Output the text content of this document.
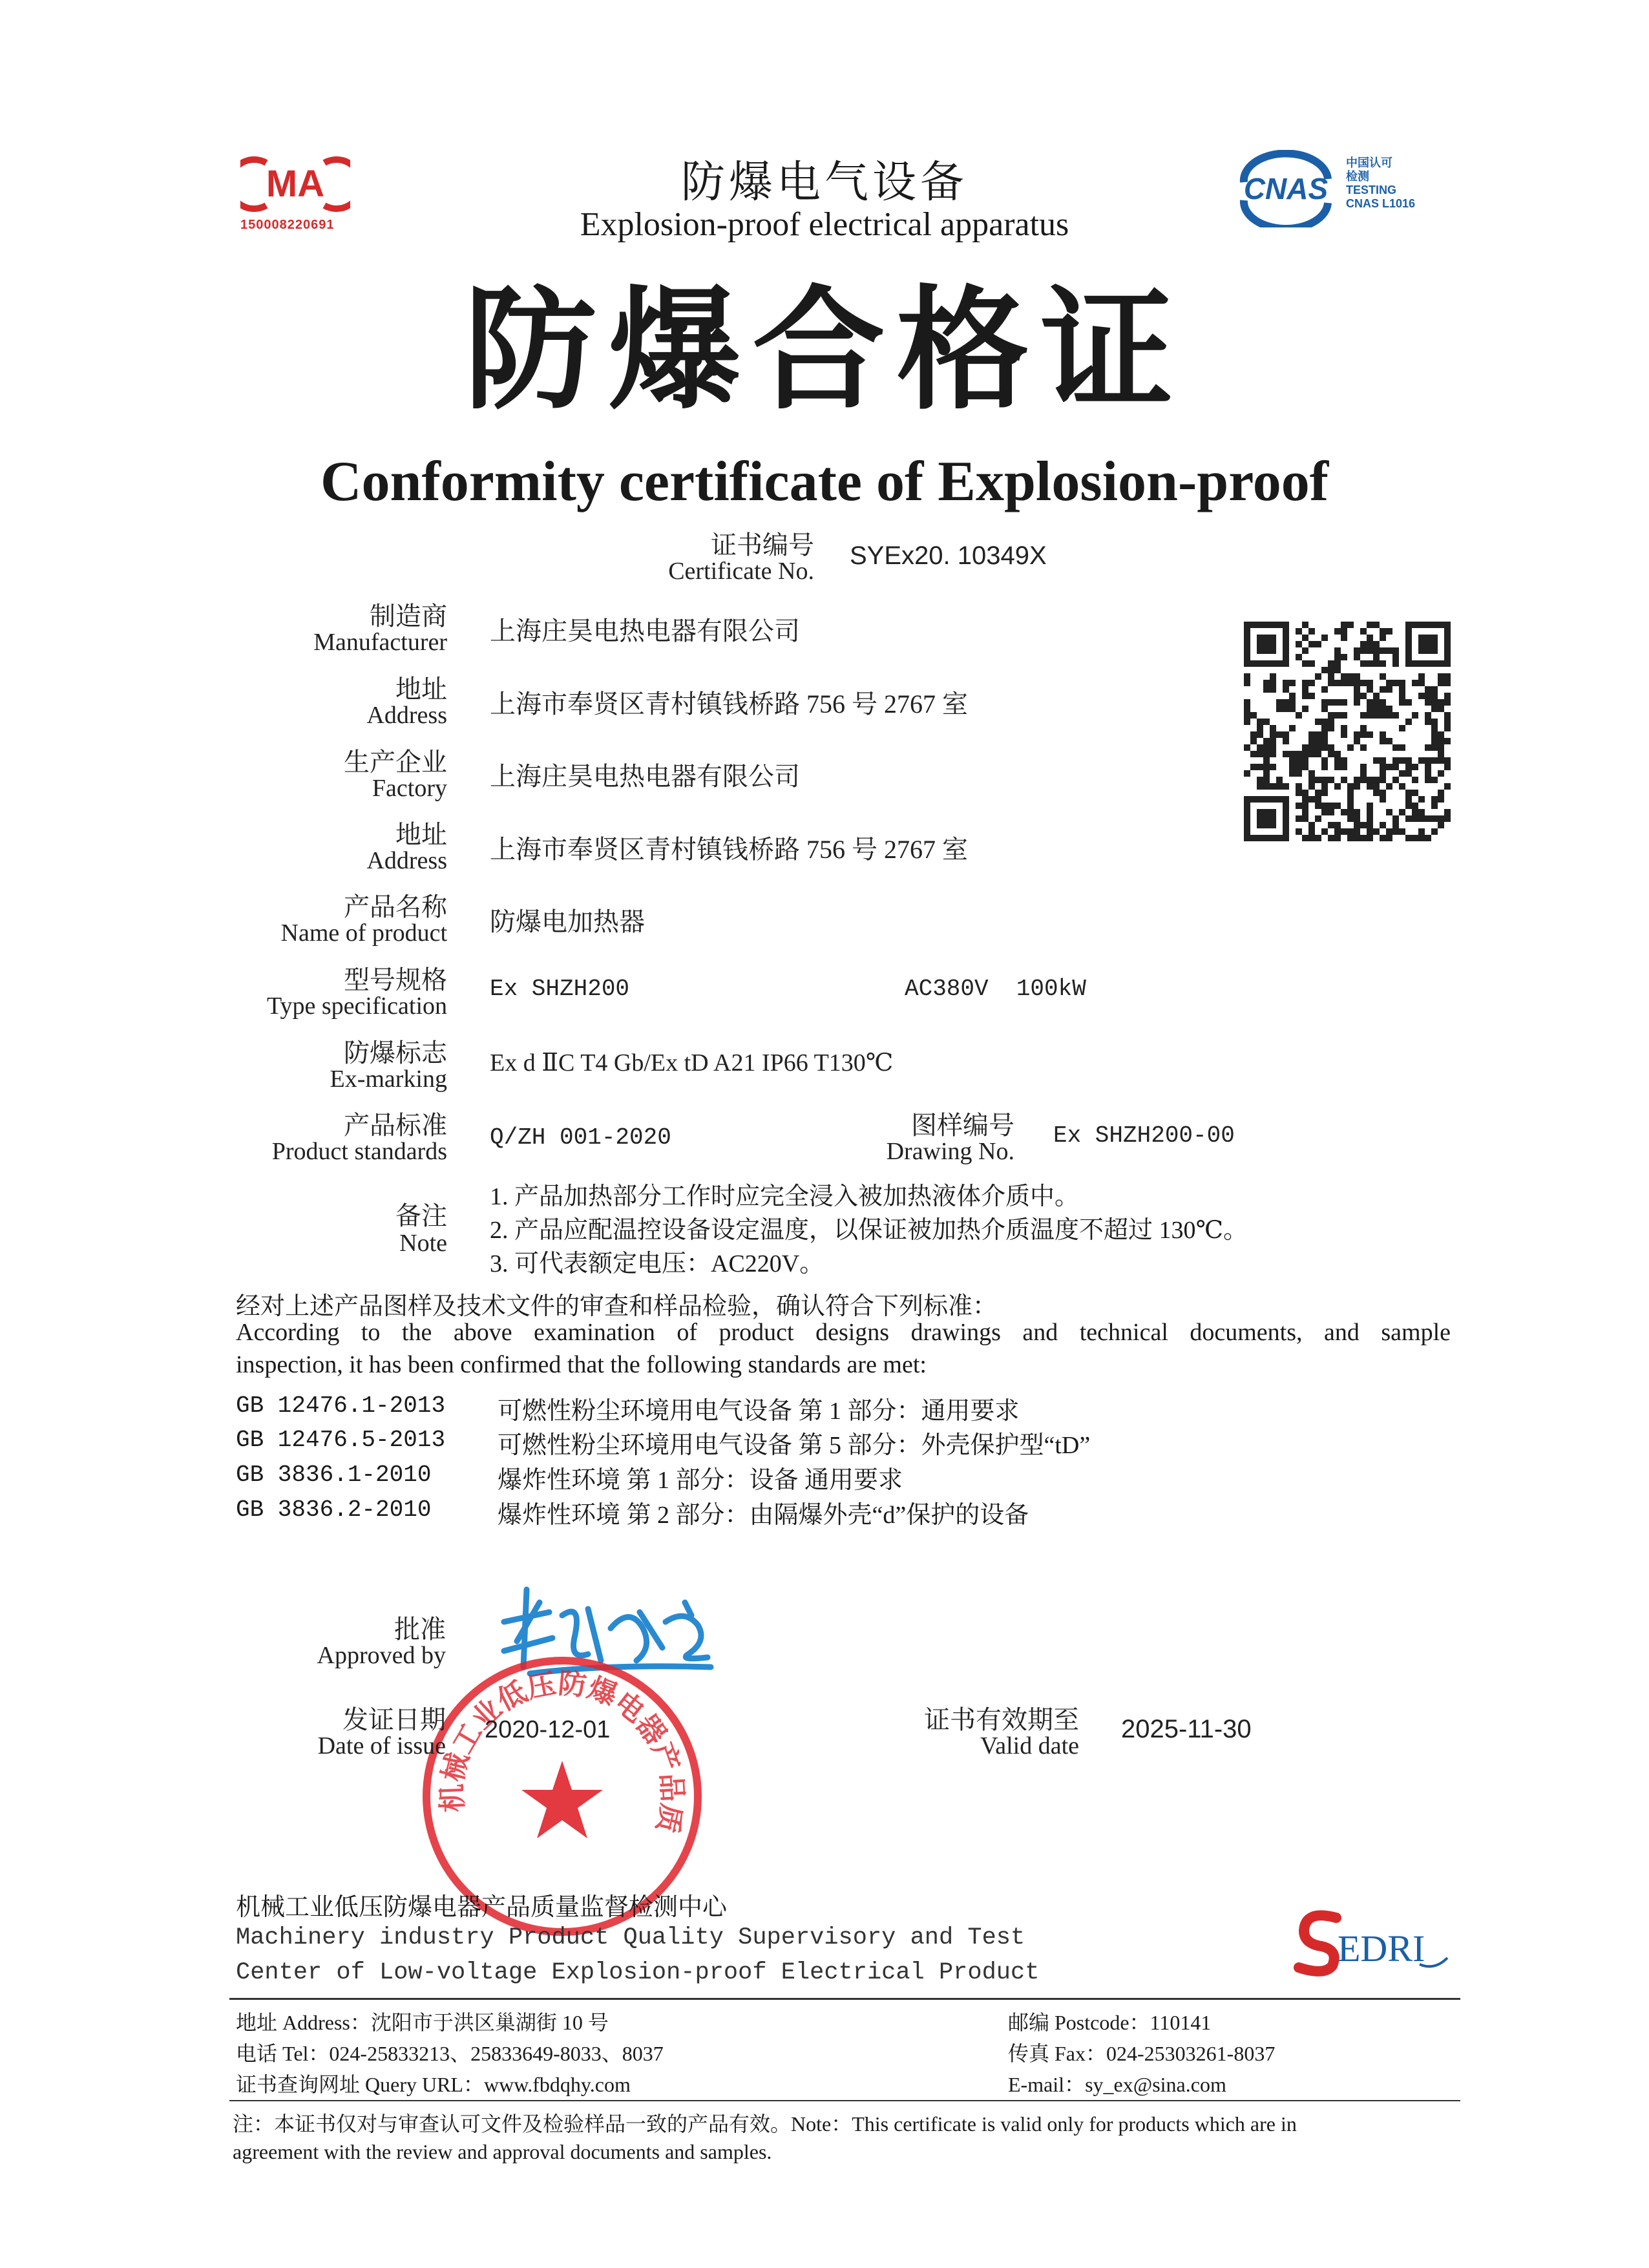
MA
150008220691
CNAS
中国认可
检测
TESTING
CNAS L1016
防爆电气设备
Explosion-proof electrical apparatus
防爆合格证
Conformity certificate of Explosion-proof
证书编号
Certificate No.
SYEx20. 10349X
制造商
Manufacturer 上海庄昊电热电器有限公司
地址
Address 上海市奉贤区青村镇钱桥路 756 号 2767 室
生产企业
Factory 上海庄昊电热电器有限公司
地址
Address 上海市奉贤区青村镇钱桥路 756 号 2767 室
产品名称
Name of product 防爆电加热器
型号规格
Type specification
Ex SHZH200	AC380V  100kW
防爆标志
Ex-marking
Ex d ⅡC T4 Gb/Ex tD A21 IP66 T130℃
产品标准
Product standards
Q/ZH 001-2020	图样编号
Drawing No.
Ex SHZH200-00
备注
Note
1. 产品加热部分工作时应完全浸入被加热液体介质中。
2. 产品应配温控设备设定温度，以保证被加热介质温度不超过 130℃。
3. 可代表额定电压：AC220V。
经对上述产品图样及技术文件的审查和样品检验，确认符合下列标准：
According to the above examination of product designs drawings and technical documents, and sample
inspection, it has been confirmed that the following standards are met:
GB 12476.1-2013 可燃性粉尘环境用电气设备 第 1 部分：通用要求
GB 12476.5-2013 可燃性粉尘环境用电气设备 第 5 部分：外壳保护型“tD”
GB 3836.1-2010	爆炸性环境 第 1 部分：设备 通用要求
GB 3836.2-2010	爆炸性环境 第 2 部分：由隔爆外壳“d”保护的设备
批准
Approved by
机械工业低压防爆电器产品质
发证日期
Date of issue
2020-12-01	证书有效期至
Valid date
2025-11-30
机械工业低压防爆电器产品质量监督检测中心
Machinery industry Product Quality Supervisory and Test
Center of Low-voltage Explosion-proof Electrical Product
EDRI
地址 Address：沈阳市于洪区巢湖街 10 号
电话 Tel：024-25833213、25833649-8033、8037
证书查询网址 Query URL：www.fbdqhy.com
邮编 Postcode：110141
传真 Fax：024-25303261-8037
E-mail：sy_ex@sina.com
注：本证书仅对与审查认可文件及检验样品一致的产品有效。Note：This certificate is valid only for products which are in
agreement with the review and approval documents and samples.
